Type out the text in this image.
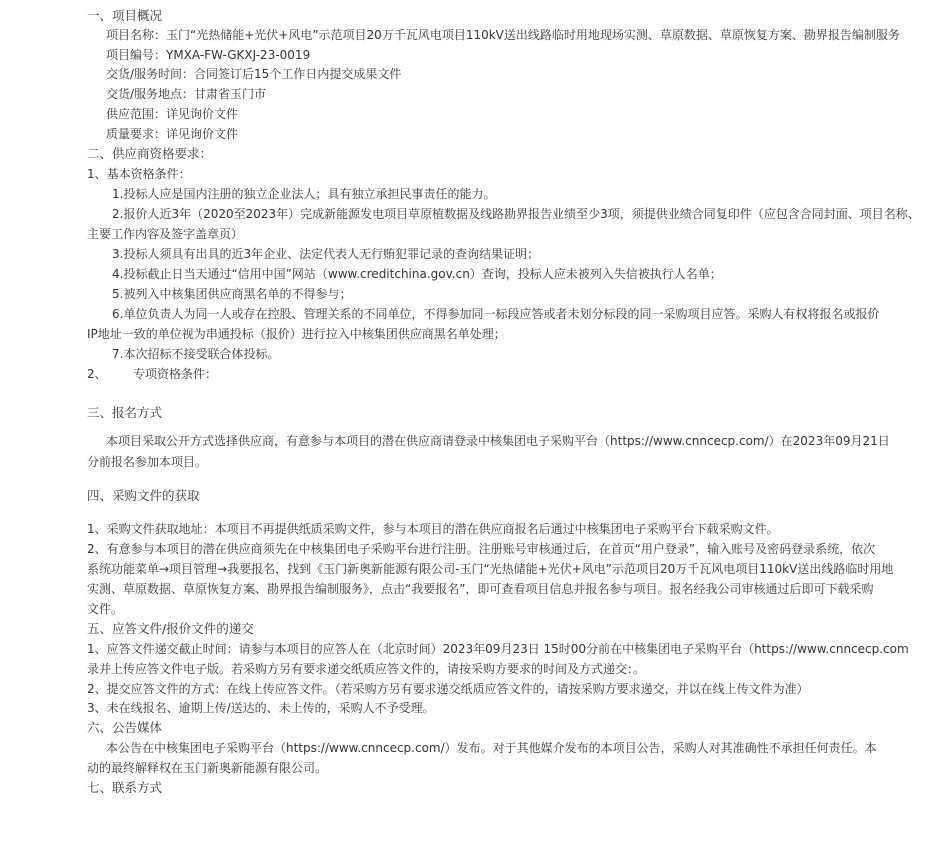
一、项目概况
项目名称：玉门“光热储能+光伏+风电”示范项目20万千瓦风电项目110kV送出线路临时用地现场实测、草原数据、草原恢复方案、勘界报告编制服务
项目编号：YMXA-FW-GKXJ-23-0019
交货/服务时间：合同签订后15个工作日内提交成果文件
交货/服务地点：甘肃省玉门市
供应范围：详见询价文件
质量要求：详见询价文件
二、供应商资格要求：
1、基本资格条件：
1.投标人应是国内注册的独立企业法人；具有独立承担民事责任的能力。
2.报价人近3年（2020至2023年）完成新能源发电项目草原植数据及线路勘界报告业绩至少3项，须提供业绩合同复印件（应包含合同封面、项目名称、
主要工作内容及签字盖章页）
3.投标人须具有出具的近3年企业、法定代表人无行贿犯罪记录的查询结果证明；
4.投标截止日当天通过“信用中国”网站（www.creditchina.gov.cn）查询，投标人应未被列入失信被执行人名单；
5.被列入中核集团供应商黑名单的不得参与；
6.单位负责人为同一人或存在控股、管理关系的不同单位，不得参加同一标段应答或者未划分标段的同一采购项目应答。采购人有权将报名或报价
IP地址一致的单位视为串通投标（报价）进行拉入中核集团供应商黑名单处理；
7.本次招标不接受联合体投标。
2、 专项资格条件：
三、报名方式
本项目采取公开方式选择供应商，有意参与本项目的潜在供应商请登录中核集团电子采购平台（https://www.cnncecp.com/）在2023年09月21日
分前报名参加本项目。
四、采购文件的获取
1、采购文件获取地址：本项目不再提供纸质采购文件，参与本项目的潜在供应商报名后通过中核集团电子采购平台下载采购文件。
2、有意参与本项目的潜在供应商须先在中核集团电子采购平台进行注册。注册账号审核通过后，在首页“用户登录”，输入账号及密码登录系统，依次
系统功能菜单→项目管理→我要报名，找到《玉门新奥新能源有限公司-玉门“光热储能+光伏+风电”示范项目20万千瓦风电项目110kV送出线路临时用地
实测、草原数据、草原恢复方案、勘界报告编制服务》，点击“我要报名”，即可查看项目信息并报名参与项目。报名经我公司审核通过后即可下载采购
文件。
五、应答文件/报价文件的递交
1、应答文件递交截止时间：请参与本项目的应答人在（北京时间）2023年09月23日 15时00分前在中核集团电子采购平台（https://www.cnncecp.com
录并上传应答文件电子版。若采购方另有要求递交纸质应答文件的，请按采购方要求的时间及方式递交：。
2、提交应答文件的方式：在线上传应答文件。（若采购方另有要求递交纸质应答文件的，请按采购方要求递交，并以在线上传文件为准）
3、未在线报名、逾期上传/送达的、未上传的，采购人不予受理。
六、公告媒体
本公告在中核集团电子采购平台（https://www.cnncecp.com/）发布。对于其他媒介发布的本项目公告，采购人对其准确性不承担任何责任。本
动的最终解释权在玉门新奥新能源有限公司。
七、联系方式
